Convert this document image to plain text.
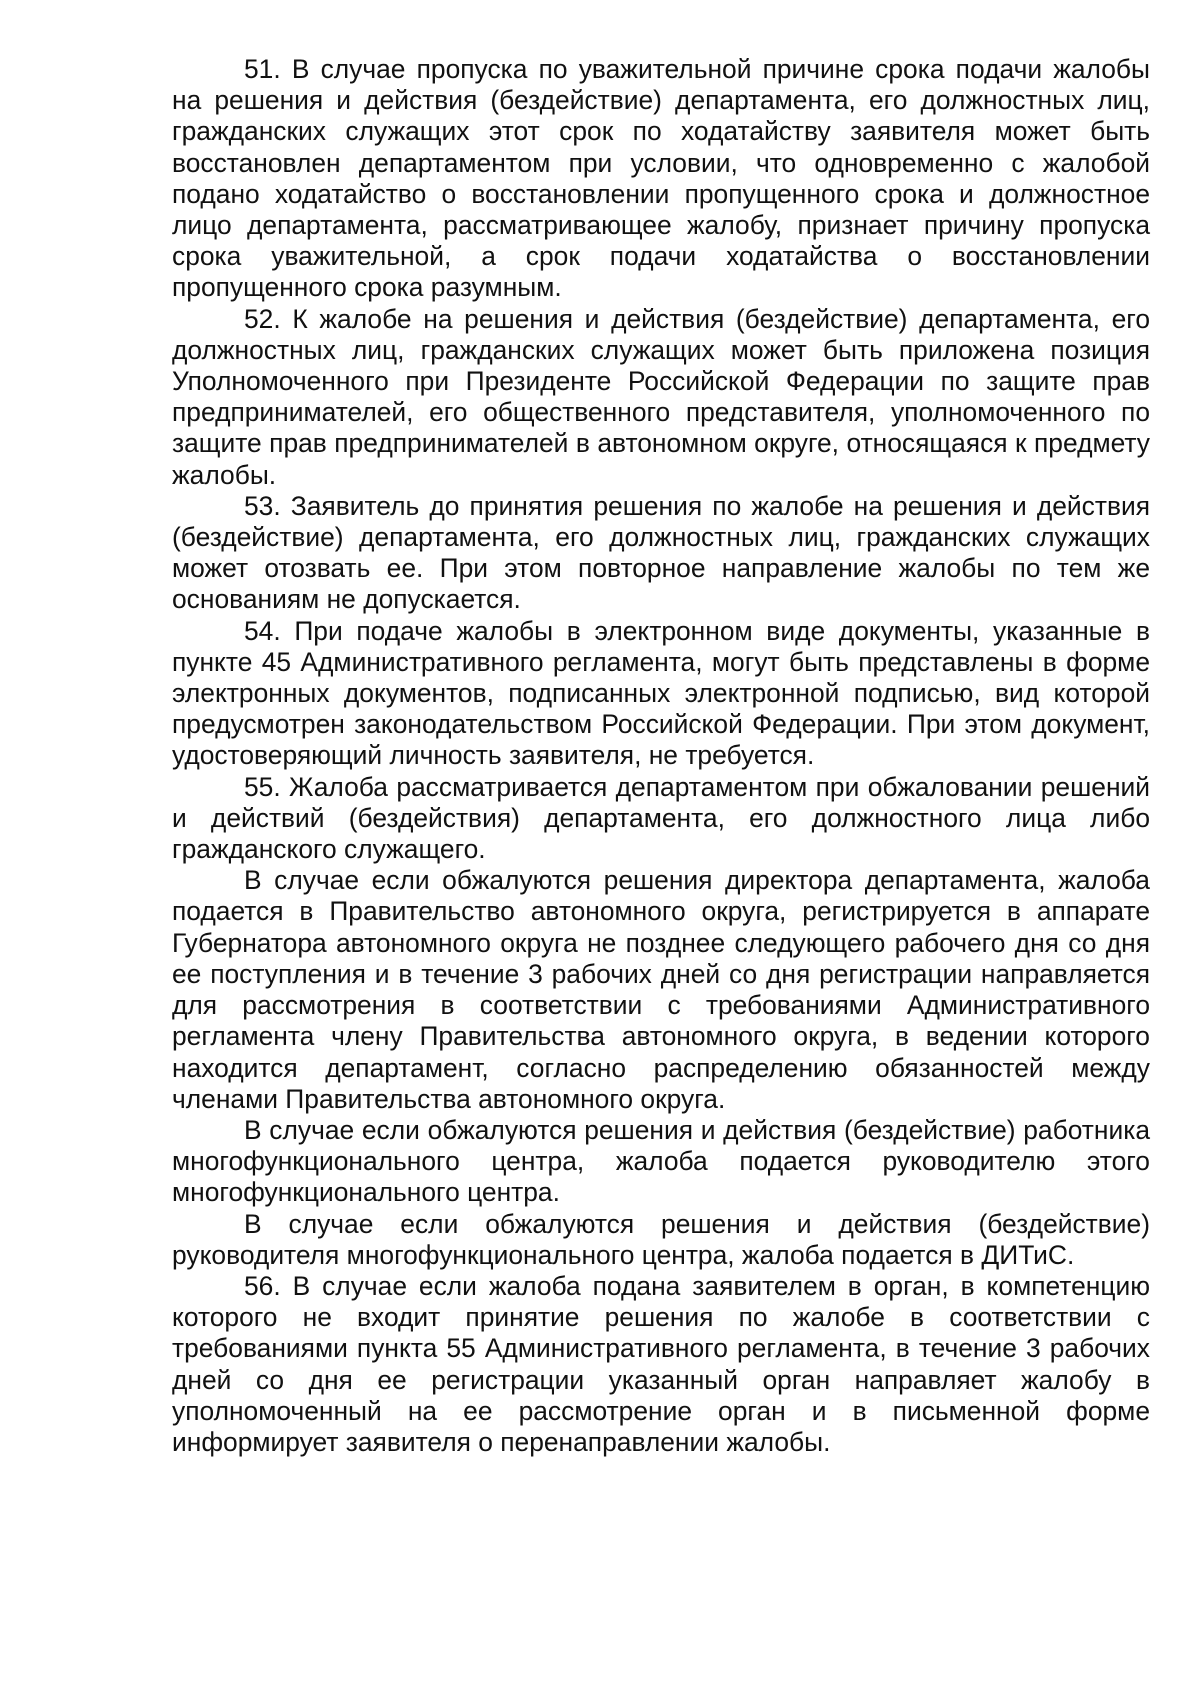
51. В случае пропуска по уважительной причине срока подачи жалобы на решения и действия (бездействие) департамента, его должностных лиц, гражданских служащих этот срок по ходатайству заявителя может быть восстановлен департаментом при условии, что одновременно с жалобой подано ходатайство о восстановлении пропущенного срока и должностное лицо департамента, рассматривающее жалобу, признает причину пропуска срока уважительной, а срок подачи ходатайства о восстановлении пропущенного срока разумным.

52. К жалобе на решения и действия (бездействие) департамента, его должностных лиц, гражданских служащих может быть приложена позиция Уполномоченного при Президенте Российской Федерации по защите прав предпринимателей, его общественного представителя, уполномоченного по защите прав предпринимателей в автономном округе, относящаяся к предмету жалобы.

53. Заявитель до принятия решения по жалобе на решения и действия (бездействие) департамента, его должностных лиц, гражданских служащих может отозвать ее. При этом повторное направление жалобы по тем же основаниям не допускается.

54. При подаче жалобы в электронном виде документы, указанные в пункте 45 Административного регламента, могут быть представлены в форме электронных документов, подписанных электронной подписью, вид которой предусмотрен законодательством Российской Федерации. При этом документ, удостоверяющий личность заявителя, не требуется.

55. Жалоба рассматривается департаментом при обжаловании решений и действий (бездействия) департамента, его должностного лица либо гражданского служащего.

В случае если обжалуются решения директора департамента, жалоба подается в Правительство автономного округа, регистрируется в аппарате Губернатора автономного округа не позднее следующего рабочего дня со дня ее поступления и в течение 3 рабочих дней со дня регистрации направляется для рассмотрения в соответствии с требованиями Административного регламента члену Правительства автономного округа, в ведении которого находится департамент, согласно распределению обязанностей между членами Правительства автономного округа.

В случае если обжалуются решения и действия (бездействие) работника многофункционального центра, жалоба подается руководителю этого многофункционального центра.

В случае если обжалуются решения и действия (бездействие) руководителя многофункционального центра, жалоба подается в ДИТиС.

56. В случае если жалоба подана заявителем в орган, в компетенцию которого не входит принятие решения по жалобе в соответствии с требованиями пункта 55 Административного регламента, в течение 3 рабочих дней со дня ее регистрации указанный орган направляет жалобу в уполномоченный на ее рассмотрение орган и в письменной форме информирует заявителя о перенаправлении жалобы.
